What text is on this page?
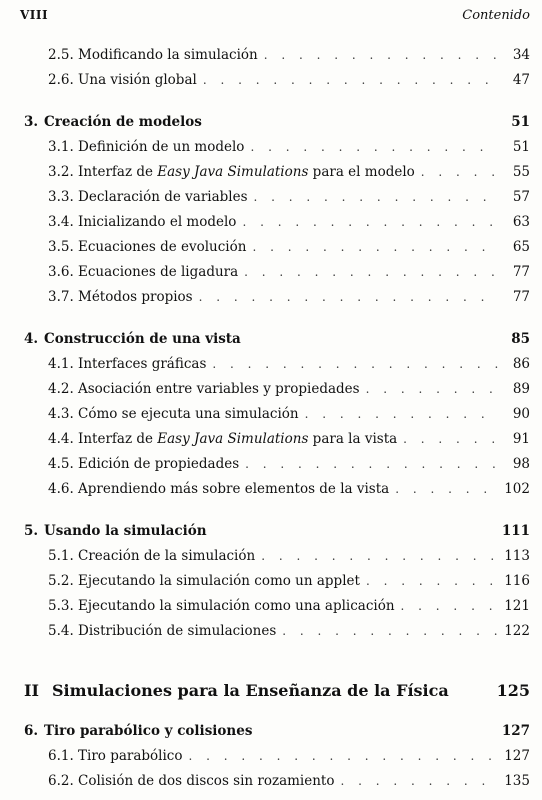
VIII	Contenido
2.5. Modificando la simulación . . .	34
2.6. Una visión global . . .	47
3. Creación de modelos	51
3.1. Definición de un modelo . . .	51
3.2. Interfaz de Easy Java Simulations para el modelo . . .	55
3.3. Declaración de variables . . .	57
3.4. Inicializando el modelo . . .	63
3.5. Ecuaciones de evolución . . .	65
3.6. Ecuaciones de ligadura . . .	77
3.7. Métodos propios . . .	77
4. Construcción de una vista	85
4.1. Interfaces gráficas . . .	86
4.2. Asociación entre variables y propiedades . . .	89
4.3. Cómo se ejecuta una simulación . . .	90
4.4. Interfaz de Easy Java Simulations para la vista . . .	91
4.5. Edición de propiedades . . .	98
4.6. Aprendiendo más sobre elementos de la vista . . .	102
5. Usando la simulación	111
5.1. Creación de la simulación . . .	113
5.2. Ejecutando la simulación como un applet . . .	116
5.3. Ejecutando la simulación como una aplicación . . .	121
5.4. Distribución de simulaciones . . .	122
II Simulaciones para la Enseñanza de la Física	125
6. Tiro parabólico y colisiones	127
6.1. Tiro parabólico . . .	127
6.2. Colisión de dos discos sin rozamiento . . .	135
